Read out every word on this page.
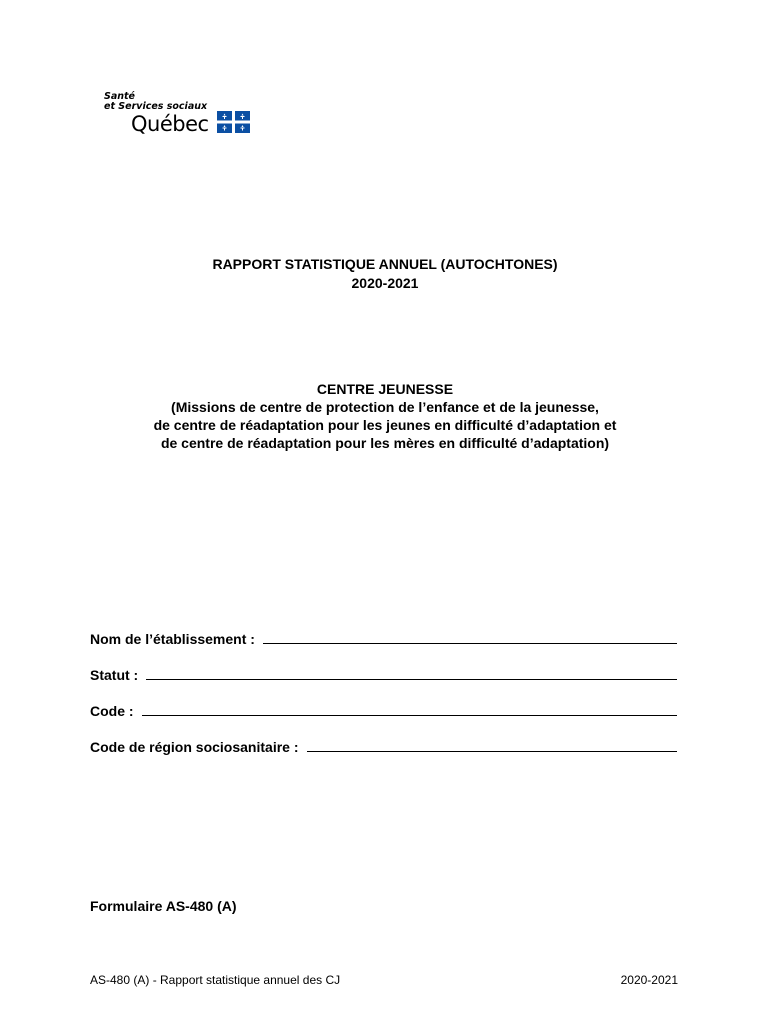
Santé
et Services sociaux
Québec
RAPPORT STATISTIQUE ANNUEL (AUTOCHTONES)
2020-2021
CENTRE JEUNESSE
(Missions de centre de protection de l’enfance et de la jeunesse,
de centre de réadaptation pour les jeunes en difficulté d’adaptation et
de centre de réadaptation pour les mères en difficulté d’adaptation)
Nom de l’établissement :
Statut :
Code :
Code de région sociosanitaire :
Formulaire AS-480 (A)
AS-480 (A) - Rapport statistique annuel des CJ	2020-2021
